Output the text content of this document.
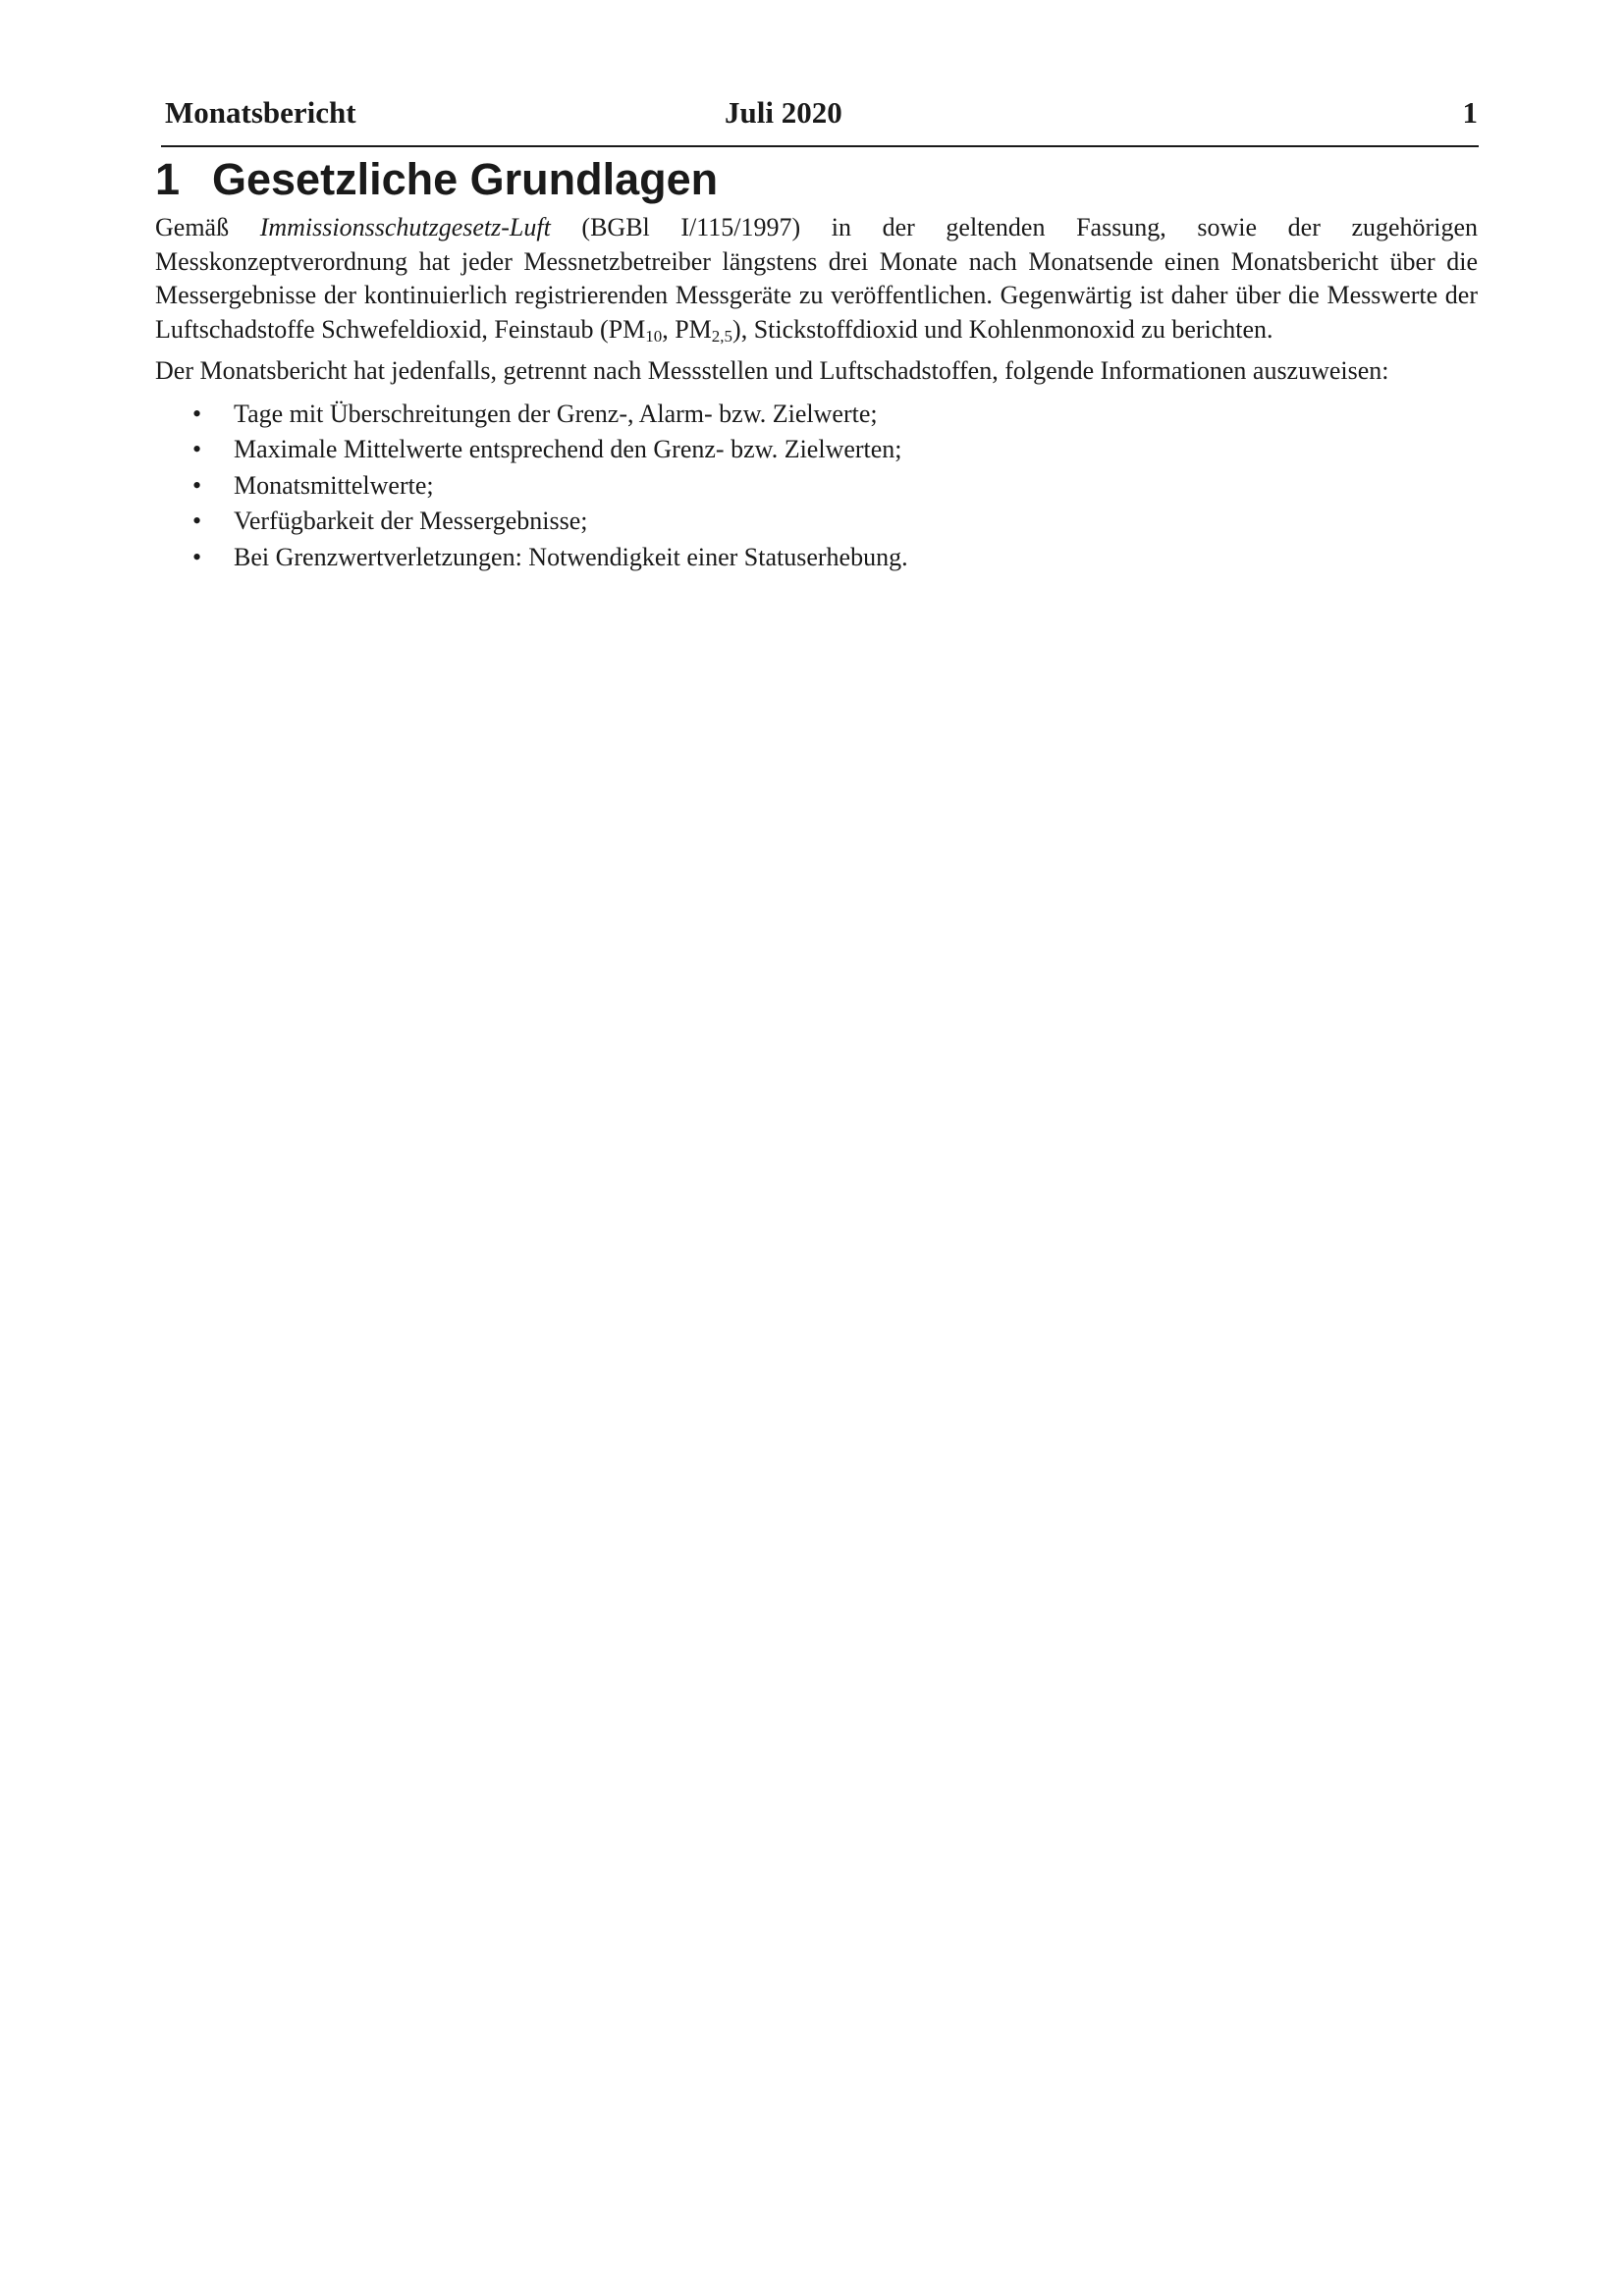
Monatsbericht	Juli 2020	1
1 Gesetzliche Grundlagen

Gemäß Immissionsschutzgesetz-Luft (BGBl I/115/1997) in der geltenden Fassung, sowie der zugehörigen Messkonzeptverordnung hat jeder Messnetzbetreiber längstens drei Monate nach Monatsende einen Monatsbericht über die Messergebnisse der kontinuierlich registrierenden Messgeräte zu veröffentlichen. Gegenwärtig ist daher über die Messwerte der Luftschadstoffe Schwefeldioxid, Feinstaub ($PM_{10}$, $PM_{2,5}$), Stickstoffdioxid und Kohlenmonoxid zu berichten.

Der Monatsbericht hat jedenfalls, getrennt nach Messstellen und Luftschadstoffen, folgende Informationen auszuweisen:

• Tage mit Überschreitungen der Grenz-, Alarm- bzw. Zielwerte;
• Maximale Mittelwerte entsprechend den Grenz- bzw. Zielwerten;
• Monatsmittelwerte;
• Verfügbarkeit der Messergebnisse;
• Bei Grenzwertverletzungen: Notwendigkeit einer Statuserhebung.
